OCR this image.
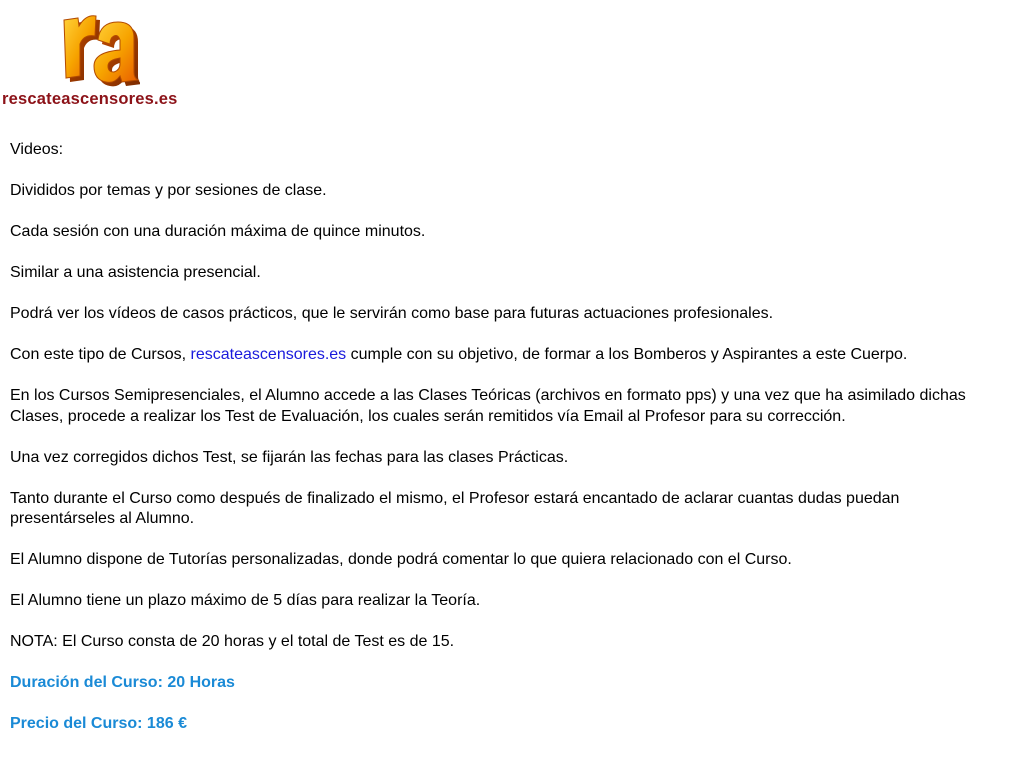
rescateascensores.es

Videos:

Divididos por temas y por sesiones de clase.

Cada sesión con una duración máxima de quince minutos.

Similar a una asistencia presencial.

Podrá ver los vídeos de casos prácticos, que le servirán como base para futuras actuaciones profesionales.

Con este tipo de Cursos, rescateascensores.es cumple con su objetivo, de formar a los Bomberos y Aspirantes a este Cuerpo.

En los Cursos Semipresenciales, el Alumno accede a las Clases Teóricas (archivos en formato pps) y una vez que ha asimilado dichas Clases, procede a realizar los Test de Evaluación, los cuales serán remitidos vía Email al Profesor para su corrección.

Una vez corregidos dichos Test, se fijarán las fechas para las clases Prácticas.

Tanto durante el Curso como después de finalizado el mismo, el Profesor estará encantado de aclarar cuantas dudas puedan presentárseles al Alumno.

El Alumno dispone de Tutorías personalizadas, donde podrá comentar lo que quiera relacionado con el Curso.

El Alumno tiene un plazo máximo de 5 días para realizar la Teoría.

NOTA: El Curso consta de 20 horas y el total de Test es de 15.

Duración del Curso: 20 Horas

Precio del Curso: 186 €
